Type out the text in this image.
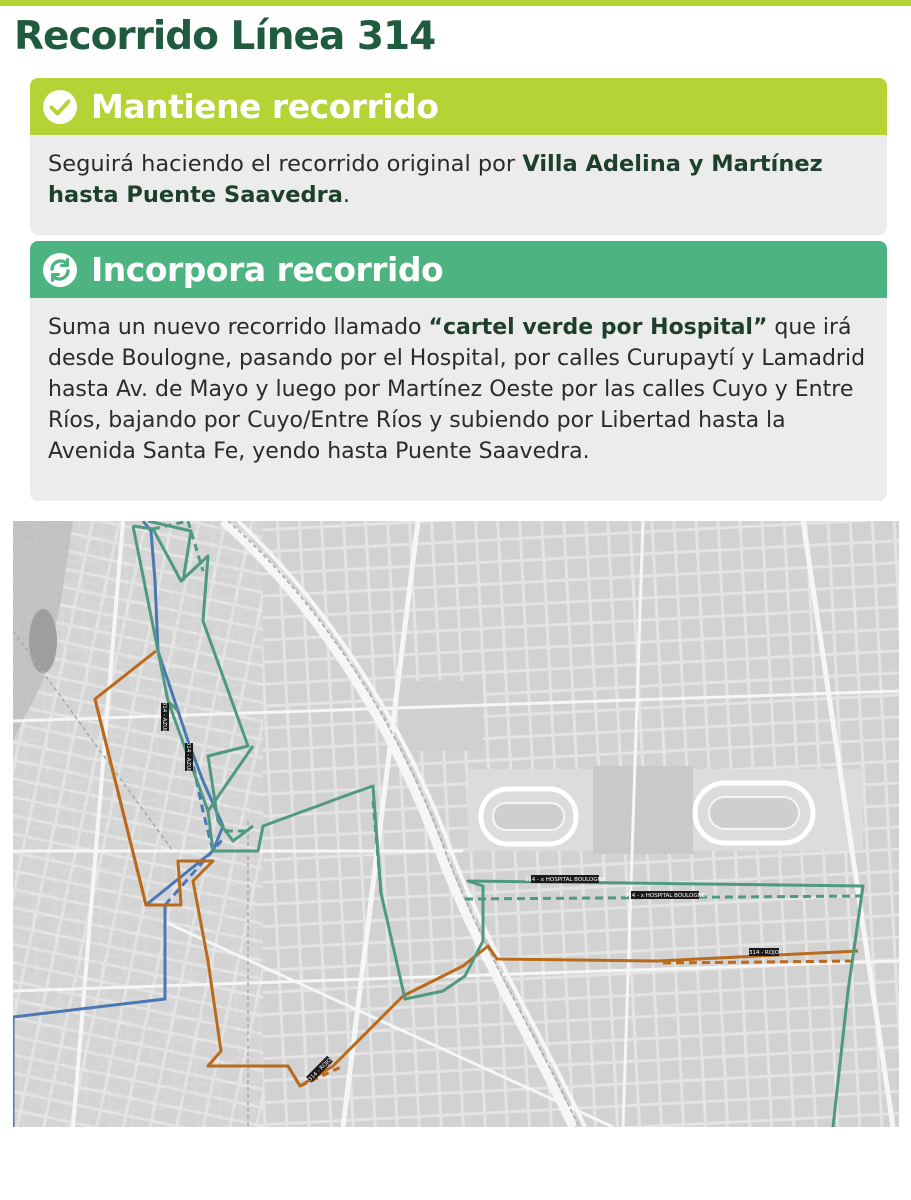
Recorrido Línea 314
Mantiene recorrido

Seguirá haciendo el recorrido original por Villa Adelina y Martínez hasta Puente Saavedra.

Incorpora recorrido

Suma un nuevo recorrido llamado “cartel verde por Hospital” que irá desde Boulogne, pasando por el Hospital, por calles Curupaytí y Lamadrid hasta Av. de Mayo y luego por Martínez Oeste por las calles Cuyo y Entre Ríos, bajando por Cuyo/Entre Ríos y subiendo por Libertad hasta la Avenida Santa Fe, yendo hasta Puente Saavedra.

314 - x HOSPITAL BOULOGNE
314 - x HOSPITAL BOULOGNE
314 - ROJO
314 - ROJO
314 - AZUL
314 - AZUL
